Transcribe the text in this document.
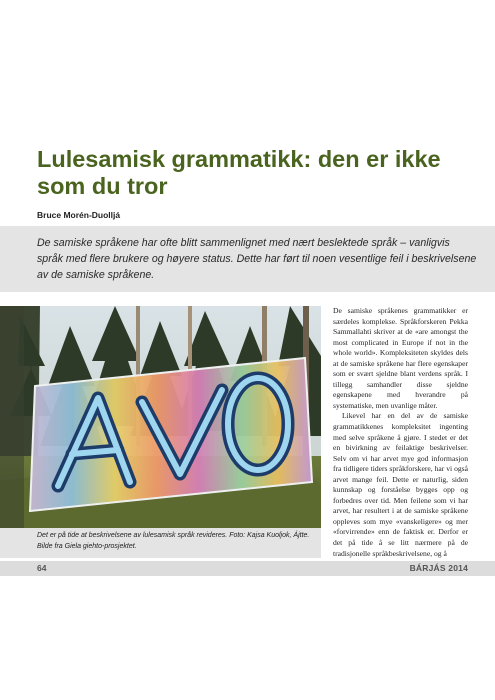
Lulesamisk grammatikk: den er ikke som du tror
Bruce Morén-Duolljá

De samiske språkene har ofte blitt sammenlignet med nært beslektede språk – vanligvis språk med flere brukere og høyere status. Dette har ført til noen vesentlige feil i beskrivelsene av de samiske språkene.

Det er på tide at beskrivelsene av lulesamisk språk revideres. Foto: Kajsa Kuoljok, Ájtte. Bilde fra Giela giehto-prosjektet.

De samiske språkenes grammatikker er særdeles komplekse. Språkforskeren Pekka Sammallahti skriver at de «are amongst the most complicated in Europe if not in the whole world». Kompleksiteten skyldes dels at de samiske språkene har flere egenskaper som er svært sjeldne blant verdens språk. I tillegg samhandler disse sjeldne egenskapene med hverandre på systematiske, men uvanlige måter.

Likevel har en del av de samiske grammatikkenes kompleksitet ingenting med selve språkene å gjøre. I stedet er det en bivirkning av feilaktige beskrivelser. Selv om vi har arvet mye god informasjon fra tidligere tiders språkforskere, har vi også arvet mange feil. Dette er naturlig, siden kunnskap og forståelse bygges opp og forbedres over tid. Men feilene som vi har arvet, har resultert i at de samiske språkene oppleves som mye «vanskeligere» og mer «forvirrende» enn de faktisk er. Derfor er det på tide å se litt nærmere på de tradisjonelle språkbeskrivelsene, og å

64	BÁRJÁS 2014
